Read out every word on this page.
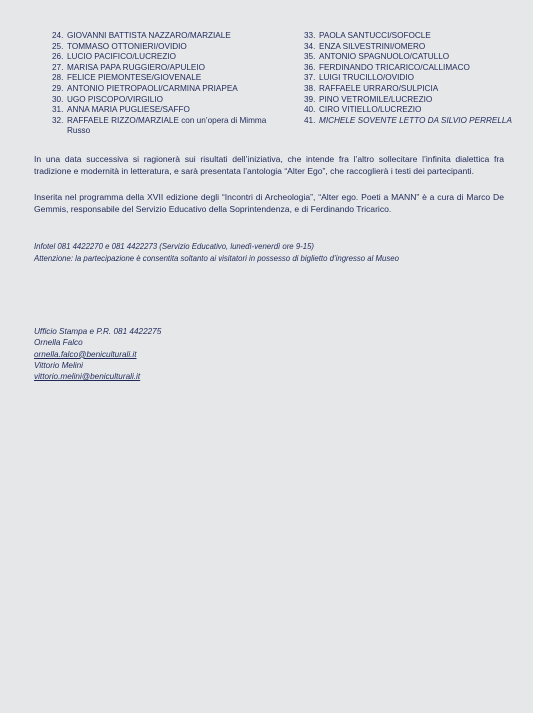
24. GIOVANNI BATTISTA NAZZARO/MARZIALE
25. TOMMASO OTTONIERI/OVIDIO
26. LUCIO PACIFICO/LUCREZIO
27. MARISA PAPA RUGGIERO/APULEIO
28. FELICE PIEMONTESE/GIOVENALE
29. ANTONIO PIETROPAOLI/CARMINA PRIAPEA
30. UGO PISCOPO/VIRGILIO
31. ANNA MARIA PUGLIESE/SAFFO
32. RAFFAELE RIZZO/MARZIALE con un’opera di Mimma Russo
33. PAOLA SANTUCCI/SOFOCLE
34. ENZA SILVESTRINI/OMERO
35. ANTONIO SPAGNUOLO/CATULLO
36. FERDINANDO TRICARICO/CALLIMACO
37. LUIGI TRUCILLO/OVIDIO
38. RAFFAELE URRARO/SULPICIA
39. PINO VETROMILE/LUCREZIO
40. CIRO VITIELLO/LUCREZIO
41. MICHELE SOVENTE LETTO DA SILVIO PERRELLA

In una data successiva si ragionerà sui risultati dell’iniziativa, che intende fra l’altro sollecitare l’infinita dialettica fra tradizione e modernità in letteratura, e sarà presentata l’antologia “Alter Ego”, che raccoglierà i testi dei partecipanti.

Inserita nel programma della XVII edizione degli “Incontri di Archeologia”, “Alter ego. Poeti a MANN” è a cura di Marco De Gemmis, responsabile del Servizio Educativo della Soprintendenza, e di Ferdinando Tricarico.

Infotel 081 4422270 e 081 4422273 (Servizio Educativo, lunedì-venerdì ore 9-15)
Attenzione: la partecipazione è consentita soltanto ai visitatori in possesso di biglietto d’ingresso al Museo
Ufficio Stampa e P.R. 081 4422275
Ornella Falco
ornella.falco@beniculturali.it
Vittorio Melini
vittorio.melini@beniculturali.it
